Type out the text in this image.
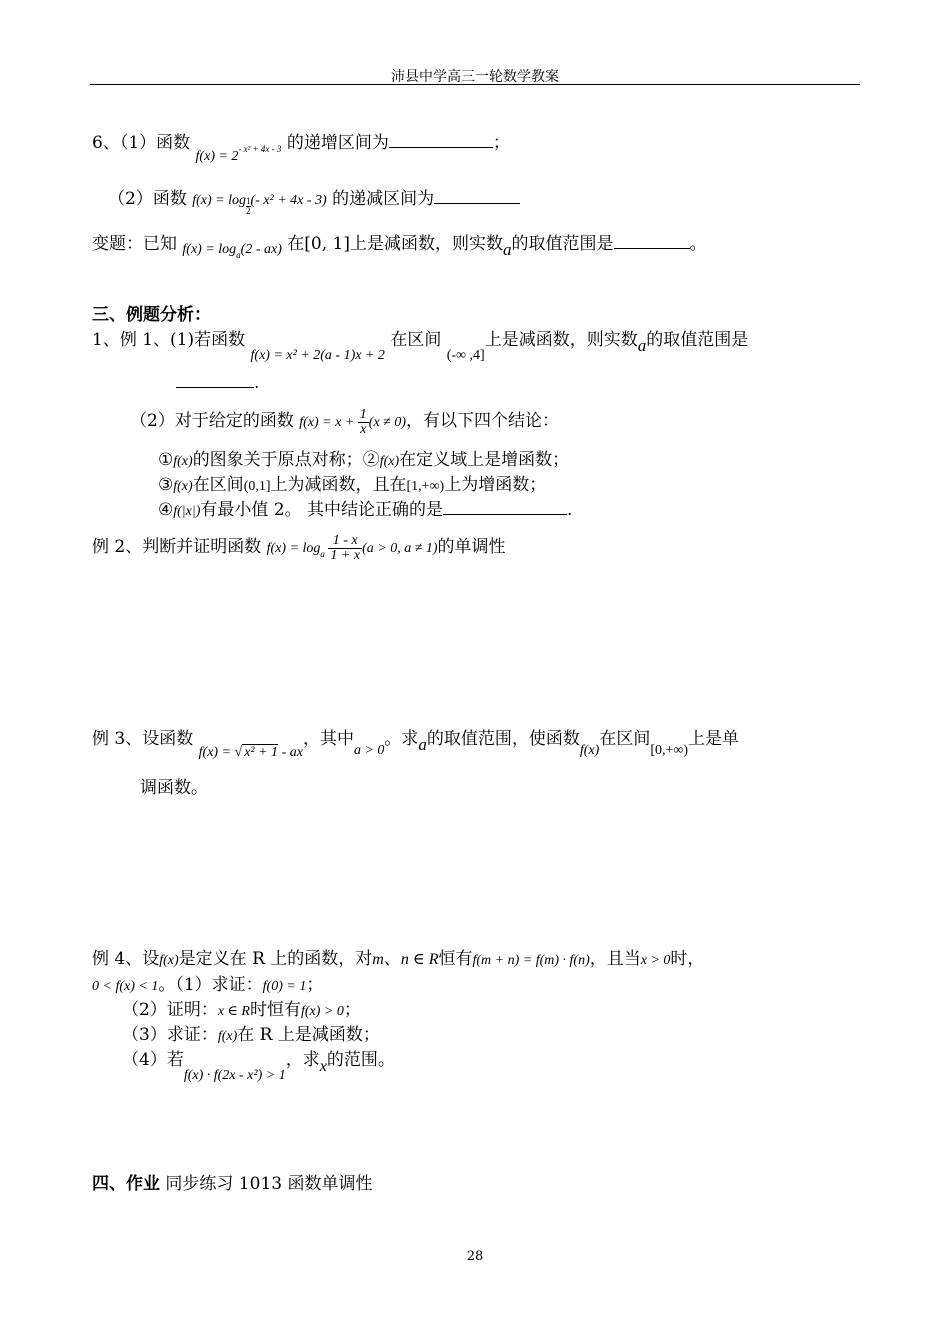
沛县中学高三一轮数学教案
6、（1）函数 $_{f(x) = 2^{- x^2 + 4x - 3}}$ 的递增区间为	；
（2）函数 $f(x) = \log \frac{1}{2}(-$ x² + 4x - 3) 的递减区间为
变题：已知 $_{f(x) = log_a(2 - ax)}$ 在[0, 1]上是减函数，则实数a的取值范围是	。
三、例题分析：
1、例 1、(1)若函数 $_{f(x) = x^2 + 2(a - 1)x + 2}$ 在区间 $_{(-\infty ,4]}$上是减函数，则实数a的取值范围是
.
（2）对于给定的函数 $f(x) = x + \frac{1}{x} (x \ne 0)$，有以下四个结论：
①f(x)的图象关于原点对称；②f(x)在定义域上是增函数；
③f(x)在区间(0,1]上为减函数，且在[1,+∞)上为增函数；
④f(|x|)有最小值 2。 其中结论正确的是	.
例 2、判断并证明函数 $f(x) = \log_a \frac{1 - x}{1 + x} (a > 0$, a ≠ 1)的单调性
例 3、设函数 $_{f(x) = √ x^2 + 1 - ax}$，其中$_{a > 0}$。求a的取值范围，使函数$_{f(x)}$在区间$_{[0,+\infty)}$上是单
调函数。
例 4、设f(x)是定义在 R 上的函数，对m、n ∈ R恒有f(m + n) = f(m) · f(n)，且当x > 0时，
0 < f(x) < 1。（1）求证：f(0) = 1；
（2）证明：x ∈ R时恒有f(x) > 0；
（3）求证：f(x)在 R 上是减函数；
（4）若$_{f(x) \cdot f(2x - x^2) > 1}$，求x的范围。
四、作业 同步练习 1013 函数单调性
28
